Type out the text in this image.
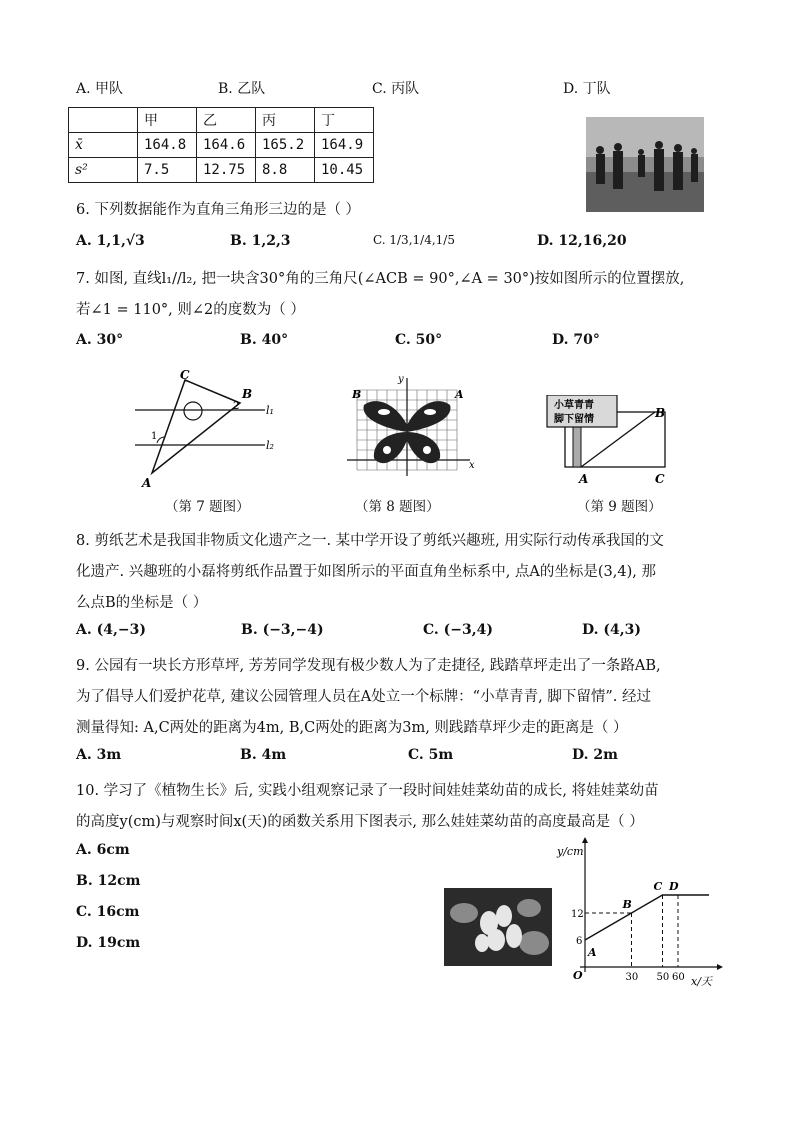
A. 甲队	B. 乙队	C. 丙队	D. 丁队
	甲	乙	丙	丁
x̄	164.8	164.6	165.2	164.9
s²	7.5	12.75	8.8	10.45
6. 下列数据能作为直角三角形三边的是（ ）
A. 1,1,√3	B. 1,2,3	C. 1/3,1/4,1/5	D. 12,16,20
7. 如图, 直线l₁//l₂, 把一块含30°角的三角尺(∠ACB = 90°,∠A = 30°)按如图所示的位置摆放,
若∠1 = 110°, 则∠2的度数为（ ）
A. 30°	B. 40°	C. 50°	D. 70°
C
B
A
l₁
l₂
1
2
（第 7 题图）
B	A
y
x
（第 8 题图）
小草青青
脚下留情	B
C
A
（第 9 题图）
8. 剪纸艺术是我国非物质文化遗产之一. 某中学开设了剪纸兴趣班, 用实际行动传承我国的文
化遗产. 兴趣班的小磊将剪纸作品置于如图所示的平面直角坐标系中, 点A的坐标是(3,4), 那
么点B的坐标是（ ）
A. (4,−3)	B. (−3,−4)	C. (−3,4)	D. (4,3)
9. 公园有一块长方形草坪, 芳芳同学发现有极少数人为了走捷径, 践踏草坪走出了一条路AB,
为了倡导人们爱护花草, 建议公园管理人员在A处立一个标牌：“小草青青, 脚下留情”. 经过
测量得知: A,C两处的距离为4m, B,C两处的距离为3m, 则践踏草坪少走的距离是（ ）
A. 3m	B. 4m	C. 5m	D. 2m
10. 学习了《植物生长》后, 实践小组观察记录了一段时间娃娃菜幼苗的成长, 将娃娃菜幼苗
的高度y(cm)与观察时间x(天)的函数关系用下图表示, 那么娃娃菜幼苗的高度最高是（ ）
A. 6cm
B. 12cm
C. 16cm
D. 19cm
y/cm
x/天
O
A
B
C D
30 50 60
6
12
